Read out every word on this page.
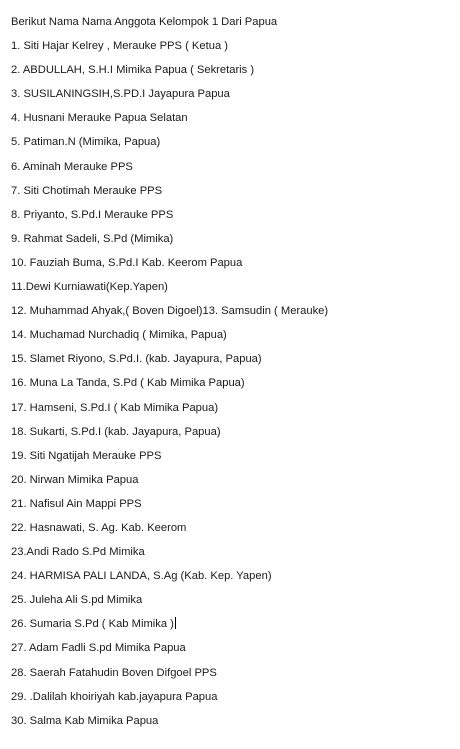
Berikut Nama Nama Anggota Kelompok 1 Dari Papua
1. Siti Hajar Kelrey , Merauke PPS ( Ketua )
2. ABDULLAH, S.H.I Mimika Papua ( Sekretaris )
3. SUSILANINGSIH,S.PD.I Jayapura Papua
4. Husnani Merauke Papua Selatan
5. Patiman.N (Mimika, Papua)
6. Aminah Merauke PPS
7. Siti Chotimah Merauke PPS
8. Priyanto, S.Pd.I Merauke PPS
9. Rahmat Sadeli, S.Pd (Mimika)
10. Fauziah Buma, S.Pd.I Kab. Keerom Papua
11.Dewi Kurniawati(Kep.Yapen)
12. Muhammad Ahyak,( Boven Digoel)13. Samsudin ( Merauke)
14. Muchamad Nurchadiq ( Mimika, Papua)
15. Slamet Riyono, S.Pd.I. (kab. Jayapura, Papua)
16. Muna La Tanda, S.Pd ( Kab Mimika Papua)
17. Hamseni, S.Pd.I ( Kab Mimika Papua)
18. Sukarti, S.Pd.I (kab. Jayapura, Papua)
19. Siti Ngatijah Merauke PPS
20. Nirwan Mimika Papua
21. Nafisul Ain Mappi PPS
22. Hasnawati, S. Ag. Kab. Keerom
23.Andi Rado S.Pd Mimika
24. HARMISA PALI LANDA, S.Ag (Kab. Kep. Yapen)
25. Juleha Ali S.pd Mimika
26. Sumaria S.Pd ( Kab Mimika )
27. Adam Fadli S.pd Mimika Papua
28. Saerah Fatahudin Boven Difgoel PPS
29. .Dalilah khoiriyah kab.jayapura Papua
30. Salma Kab Mimika Papua
